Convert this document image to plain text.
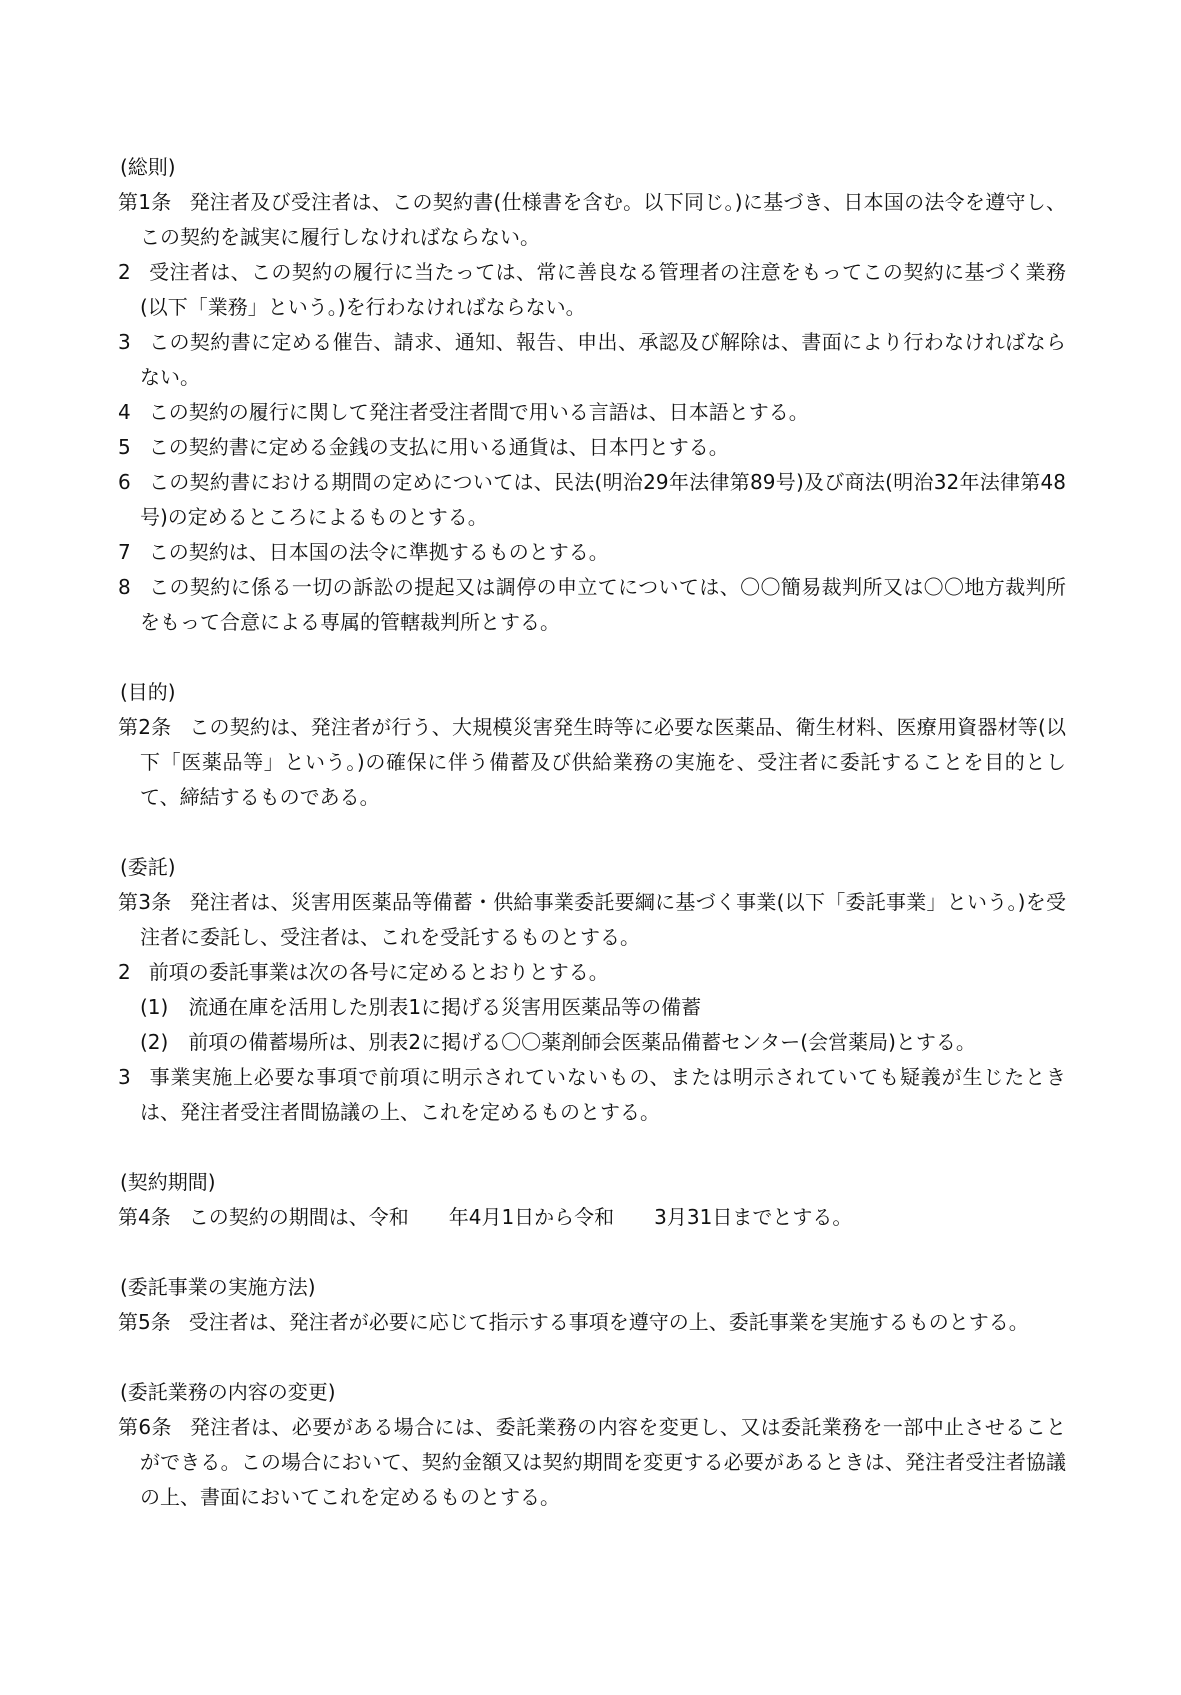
(総則)

第1条 発注者及び受注者は、この契約書(仕様書を含む。以下同じ。)に基づき、日本国の法令を遵守し、この契約を誠実に履行しなければならない。

2 受注者は、この契約の履行に当たっては、常に善良なる管理者の注意をもってこの契約に基づく業務(以下「業務」という。)を行わなければならない。

3 この契約書に定める催告、請求、通知、報告、申出、承認及び解除は、書面により行わなければならない。

4 この契約の履行に関して発注者受注者間で用いる言語は、日本語とする。

5 この契約書に定める金銭の支払に用いる通貨は、日本円とする。

6 この契約書における期間の定めについては、民法(明治29年法律第89号)及び商法(明治32年法律第48号)の定めるところによるものとする。

7 この契約は、日本国の法令に準拠するものとする。

8 この契約に係る一切の訴訟の提起又は調停の申立てについては、〇〇簡易裁判所又は〇〇地方裁判所をもって合意による専属的管轄裁判所とする。

(目的)

第2条 この契約は、発注者が行う、大規模災害発生時等に必要な医薬品、衛生材料、医療用資器材等(以下「医薬品等」という。)の確保に伴う備蓄及び供給業務の実施を、受注者に委託することを目的として、締結するものである。

(委託)

第3条 発注者は、災害用医薬品等備蓄・供給事業委託要綱に基づく事業(以下「委託事業」という。)を受注者に委託し、受注者は、これを受託するものとする。

2 前項の委託事業は次の各号に定めるとおりとする。

(1) 流通在庫を活用した別表1に掲げる災害用医薬品等の備蓄

(2) 前項の備蓄場所は、別表2に掲げる〇〇薬剤師会医薬品備蓄センター(会営薬局)とする。

3 事業実施上必要な事項で前項に明示されていないもの、または明示されていても疑義が生じたときは、発注者受注者間協議の上、これを定めるものとする。

(契約期間)

第4条 この契約の期間は、令和　　年4月1日から令和　　3月31日までとする。

(委託事業の実施方法)

第5条 受注者は、発注者が必要に応じて指示する事項を遵守の上、委託事業を実施するものとする。

(委託業務の内容の変更)

第6条 発注者は、必要がある場合には、委託業務の内容を変更し、又は委託業務を一部中止させることができる。この場合において、契約金額又は契約期間を変更する必要があるときは、発注者受注者協議の上、書面においてこれを定めるものとする。
